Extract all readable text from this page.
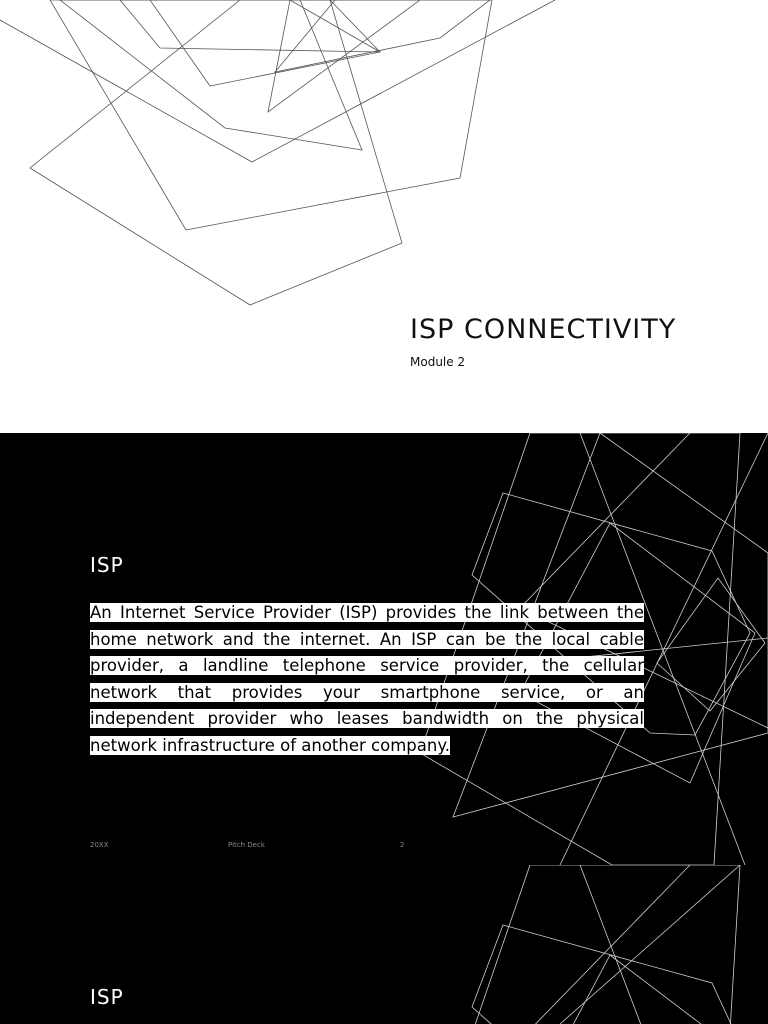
ISP CONNECTIVITY

Module 2

ISP

An Internet Service Provider (ISP) provides the link between the home network and the internet. An ISP can be the local cable provider, a landline telephone service provider, the cellular network that provides your smartphone service, or an independent provider who leases bandwidth on the physical network infrastructure of another company.

20XX	Pitch Deck	2
ISP
